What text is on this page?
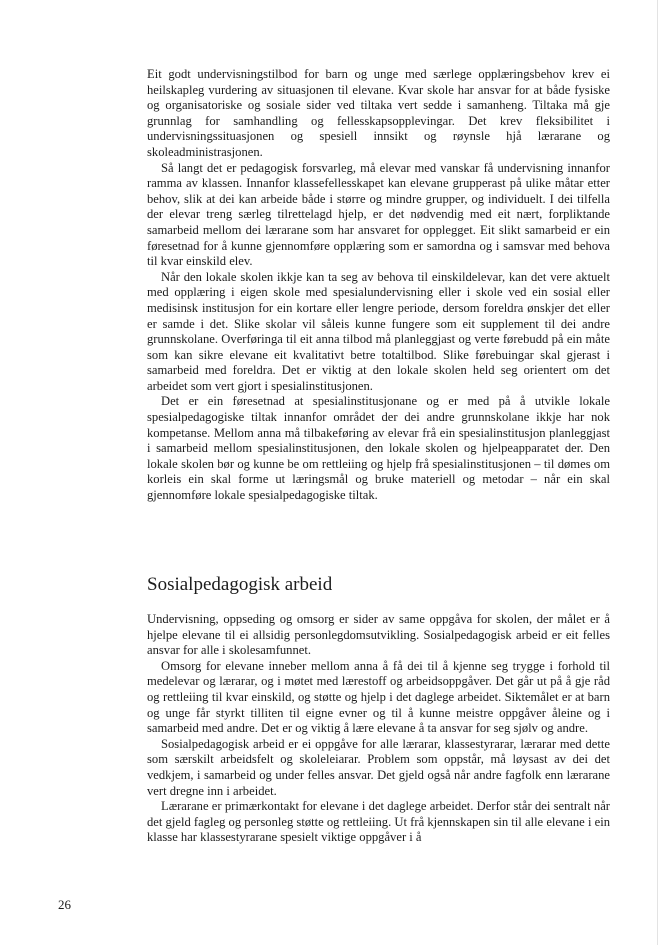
Eit godt undervisningstilbod for barn og unge med særlege opplæringsbehov krev ei heilskapleg vurdering av situasjonen til elevane. Kvar skole har ansvar for at både fysiske og organisatoriske og sosiale sider ved tiltaka vert sedde i samanheng. Tiltaka må gje grunnlag for samhandling og fellesskapsopplevingar. Det krev fleksibilitet i undervisningssituasjonen og spesiell innsikt og røynsle hjå lærarane og skoleadministrasjonen.

Så langt det er pedagogisk forsvarleg, må elevar med vanskar få undervisning innanfor ramma av klassen. Innanfor klassefellesskapet kan elevane grupperast på ulike måtar etter behov, slik at dei kan arbeide både i større og mindre grupper, og individuelt. I dei tilfella der elevar treng særleg tilrettelagd hjelp, er det nødvendig med eit nært, forpliktande samarbeid mellom dei lærarane som har ansvaret for opplegget. Eit slikt samarbeid er ein føresetnad for å kunne gjennomføre opplæring som er samordna og i samsvar med behova til kvar einskild elev.

Når den lokale skolen ikkje kan ta seg av behova til einskildelevar, kan det vere aktuelt med opplæring i eigen skole med spesialundervisning eller i skole ved ein sosial eller medisinsk institusjon for ein kortare eller lengre periode, dersom foreldra ønskjer det eller er samde i det. Slike skolar vil såleis kunne fungere som eit supplement til dei andre grunnskolane. Overføringa til eit anna tilbod må planleggjast og verte førebudd på ein måte som kan sikre elevane eit kvalitativt betre totaltilbod. Slike førebuingar skal gjerast i samarbeid med foreldra. Det er viktig at den lokale skolen held seg orientert om det arbeidet som vert gjort i spesialinstitusjonen.

Det er ein føresetnad at spesialinstitusjonane og er med på å utvikle lokale spesialpedagogiske tiltak innanfor området der dei andre grunnskolane ikkje har nok kompetanse. Mellom anna må tilbakeføring av elevar frå ein spesialinstitusjon planleggjast i samarbeid mellom spesialinstitusjonen, den lokale skolen og hjelpeapparatet der. Den lokale skolen bør og kunne be om rettleiing og hjelp frå spesialinstitusjonen – til dømes om korleis ein skal forme ut læringsmål og bruke materiell og metodar – når ein skal gjennomføre lokale spesialpedagogiske tiltak.

Sosialpedagogisk arbeid

Undervisning, oppseding og omsorg er sider av same oppgåva for skolen, der målet er å hjelpe elevane til ei allsidig personlegdomsutvikling. Sosialpedagogisk arbeid er eit felles ansvar for alle i skolesamfunnet.

Omsorg for elevane inneber mellom anna å få dei til å kjenne seg trygge i forhold til medelevar og lærarar, og i møtet med lærestoff og arbeidsoppgåver. Det går ut på å gje råd og rettleiing til kvar einskild, og støtte og hjelp i det daglege arbeidet. Siktemålet er at barn og unge får styrkt tilliten til eigne evner og til å kunne meistre oppgåver åleine og i samarbeid med andre. Det er og viktig å lære elevane å ta ansvar for seg sjølv og andre.

Sosialpedagogisk arbeid er ei oppgåve for alle lærarar, klassestyrarar, lærarar med dette som særskilt arbeidsfelt og skoleleiarar. Problem som oppstår, må løysast av dei det vedkjem, i samarbeid og under felles ansvar. Det gjeld også når andre fagfolk enn lærarane vert dregne inn i arbeidet.

Lærarane er primærkontakt for elevane i det daglege arbeidet. Derfor står dei sentralt når det gjeld fagleg og personleg støtte og rettleiing. Ut frå kjennskapen sin til alle elevane i ein klasse har klassestyrarane spesielt viktige oppgåver i å

26
